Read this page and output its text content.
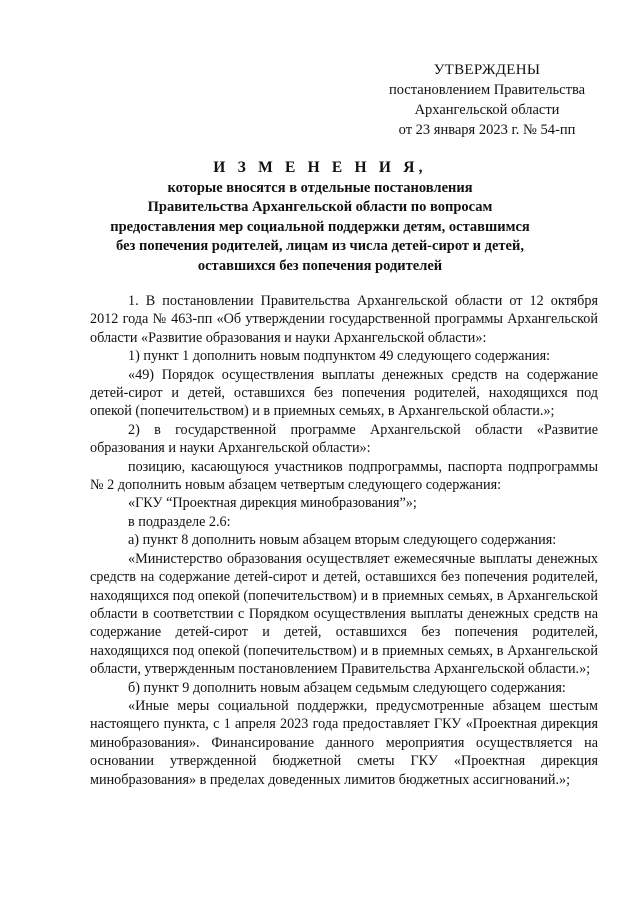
УТВЕРЖДЕНЫ
постановлением Правительства
Архангельской области
от 23 января 2023 г. № 54-пп
И З М Е Н Е Н И Я,
которые вносятся в отдельные постановления
Правительства Архангельской области по вопросам
предоставления мер социальной поддержки детям, оставшимся
без попечения родителей, лицам из числа детей-сирот и детей,
оставшихся без попечения родителей

1. В постановлении Правительства Архангельской области от 12 октября 2012 года № 463-пп «Об утверждении государственной программы Архангельской области «Развитие образования и науки Архангельской области»:

1) пункт 1 дополнить новым подпунктом 49 следующего содержания:

«49) Порядок осуществления выплаты денежных средств на содержание детей-сирот и детей, оставшихся без попечения родителей, находящихся под опекой (попечительством) и в приемных семьях, в Архангельской области.»;

2) в государственной программе Архангельской области «Развитие образования и науки Архангельской области»:

позицию, касающуюся участников подпрограммы, паспорта подпрограммы № 2 дополнить новым абзацем четвертым следующего содержания:

«ГКУ “Проектная дирекция минобразования”»;

в подразделе 2.6:

а) пункт 8 дополнить новым абзацем вторым следующего содержания:

«Министерство образования осуществляет ежемесячные выплаты денежных средств на содержание детей-сирот и детей, оставшихся без попечения родителей, находящихся под опекой (попечительством) и в приемных семьях, в Архангельской области в соответствии с Порядком осуществления выплаты денежных средств на содержание детей-сирот и детей, оставшихся без попечения родителей, находящихся под опекой (попечительством) и в приемных семьях, в Архангельской области, утвержденным постановлением Правительства Архангельской области.»;

б) пункт 9 дополнить новым абзацем седьмым следующего содержания:

«Иные меры социальной поддержки, предусмотренные абзацем шестым настоящего пункта, с 1 апреля 2023 года предоставляет ГКУ «Проектная дирекция минобразования». Финансирование данного мероприятия осуществляется на основании утвержденной бюджетной сметы ГКУ «Проектная дирекция минобразования» в пределах доведенных лимитов бюджетных ассигнований.»;
